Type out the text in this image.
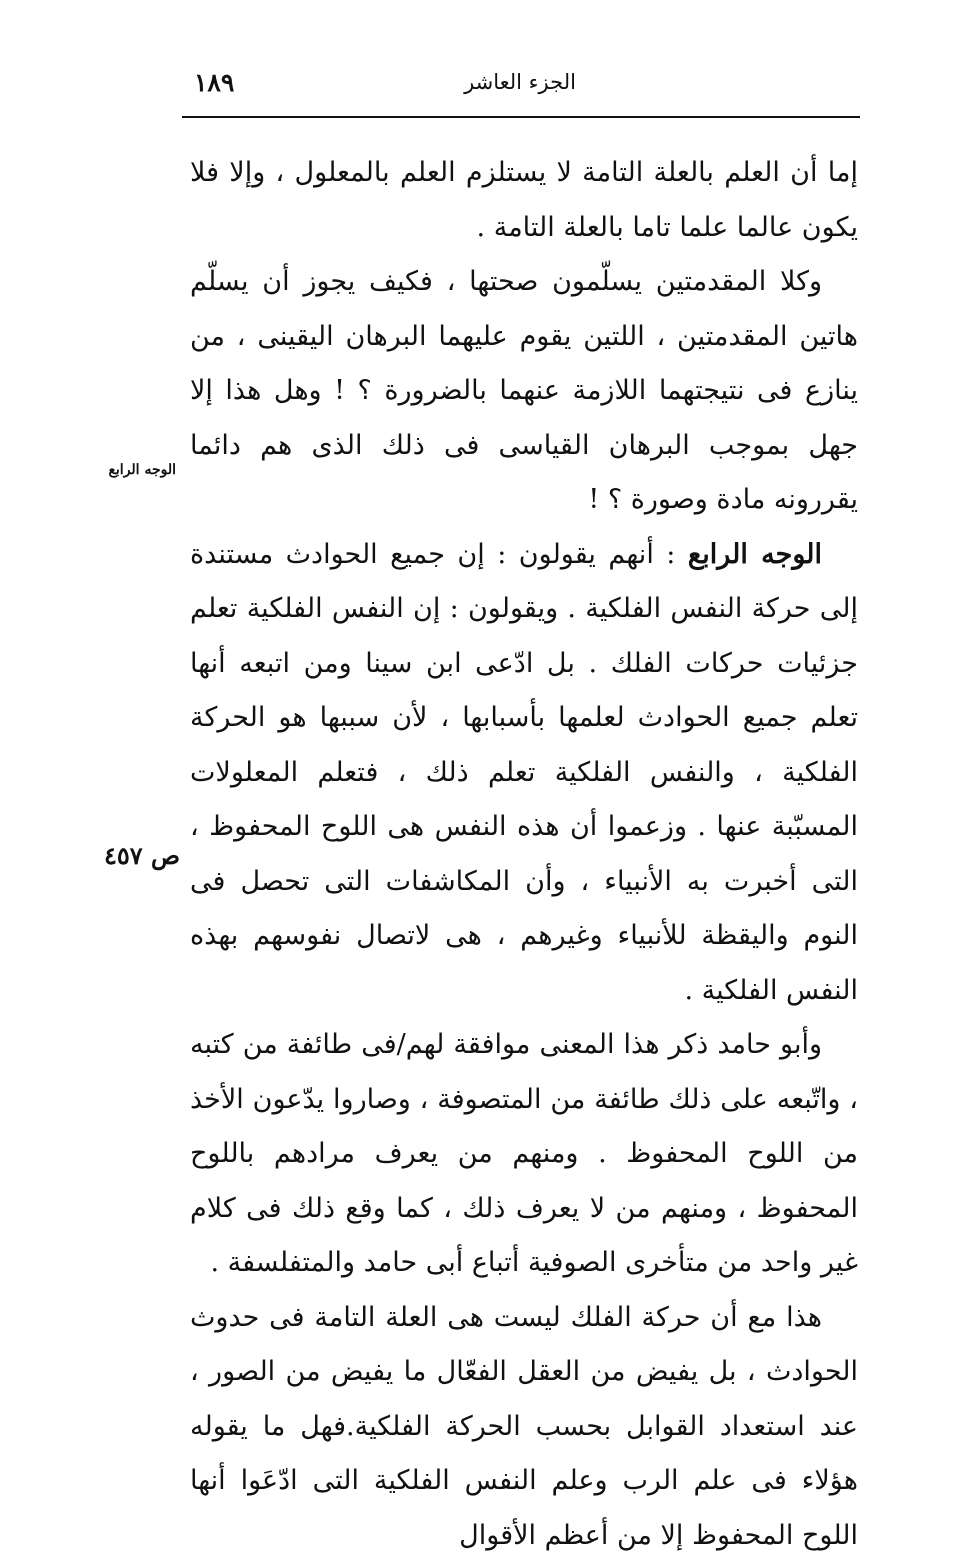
الجزء العاشر
١٨٩
الوجه الرابع
ص ٤٥٧

إما أن العلم بالعلة التامة لا يستلزم العلم بالمعلول ، وإلا فلا يكون عالما علما تاما بالعلة التامة .

وكلا المقدمتين يسلّمون صحتها ، فكيف يجوز أن يسلّم هاتين المقدمتين ، اللتين يقوم عليهما البرهان اليقينى ، من ينازع فى نتيجتهما اللازمة عنهما بالضرورة ؟ ! وهل هذا إلا جهل بموجب البرهان القياسى فى ذلك الذى هم دائما يقررونه مادة وصورة ؟ !

الوجه الرابع : أنهم يقولون : إن جميع الحوادث مستندة إلى حركة النفس الفلكية . ويقولون : إن النفس الفلكية تعلم جزئيات حركات الفلك . بل ادّعى ابن سينا ومن اتبعه أنها تعلم جميع الحوادث لعلمها بأسبابها ، لأن سببها هو الحركة الفلكية ، والنفس الفلكية تعلم ذلك ، فتعلم المعلولات المسبّبة عنها . وزعموا أن هذه النفس هى اللوح المحفوظ ، التى أخبرت به الأنبياء ، وأن المكاشفات التى تحصل فى النوم واليقظة للأنبياء وغيرهم ، هى لاتصال نفوسهم بهذه النفس الفلكية .

وأبو حامد ذكر هذا المعنى موافقة لهم/فى طائفة من كتبه ، واتّبعه على ذلك طائفة من المتصوفة ، وصاروا يدّعون الأخذ من اللوح المحفوظ . ومنهم من يعرف مرادهم باللوح المحفوظ ، ومنهم من لا يعرف ذلك ، كما وقع ذلك فى كلام غير واحد من متأخرى الصوفية أتباع أبى حامد والمتفلسفة .

هذا مع أن حركة الفلك ليست هى العلة التامة فى حدوث الحوادث ، بل يفيض من العقل الفعّال ما يفيض من الصور ، عند استعداد القوابل بحسب الحركة الفلكية.فهل ما يقوله هؤلاء فى علم الرب وعلم النفس الفلكية التى ادّعَوا أنها اللوح المحفوظ إلا من أعظم الأقوال
